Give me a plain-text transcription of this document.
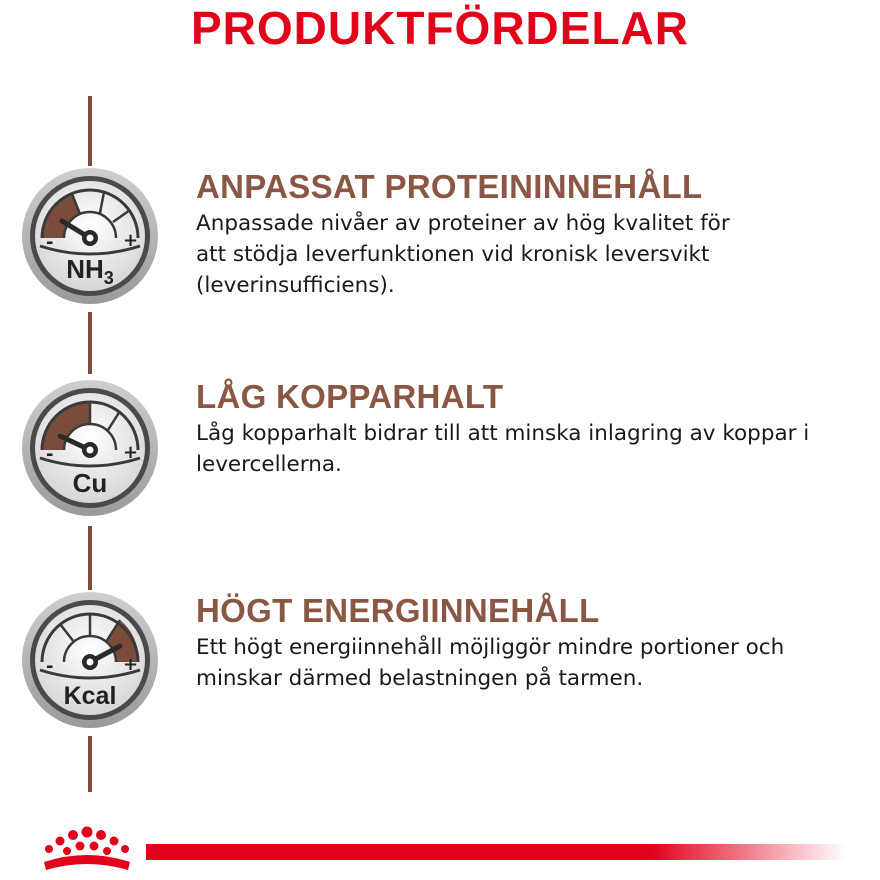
PRODUKTFÖRDELAR
-	+
$NH_3$
-	+
Cu
-	+
Kcal
ANPASSAT PROTEININNEHÅLL

Anpassade nivåer av proteiner av hög kvalitet för
att stödja leverfunktionen vid kronisk leversvikt
(leverinsufficiens).

LÅG KOPPARHALT

Låg kopparhalt bidrar till att minska inlagring av koppar i
levercellerna.

HÖGT ENERGIINNEHÅLL

Ett högt energiinnehåll möjliggör mindre portioner och
minskar därmed belastningen på tarmen.
